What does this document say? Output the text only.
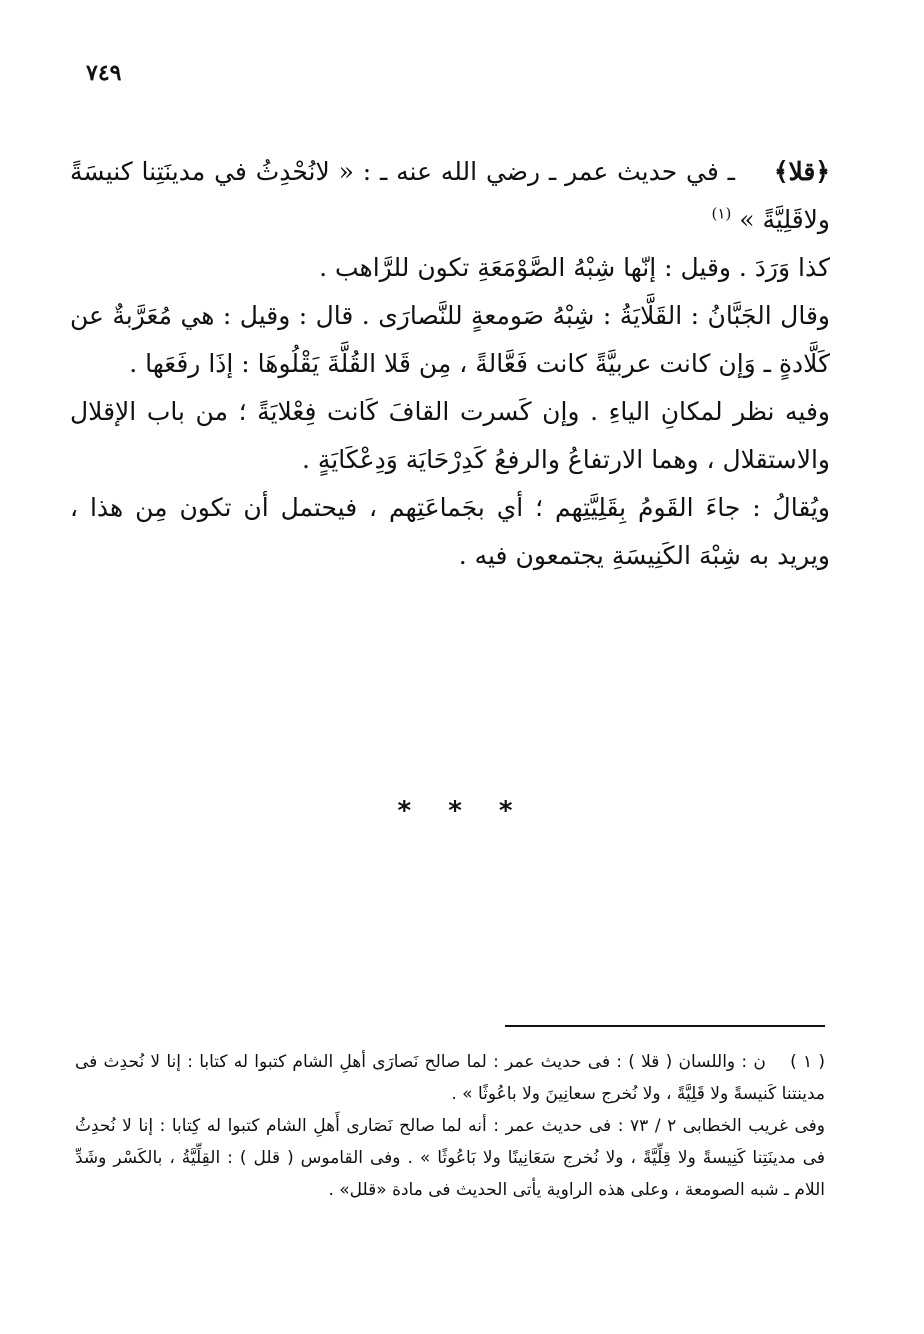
٧٤٩

﴿قلا﴾ ـ في حديث عمر ـ رضي الله عنه ـ : « لانُحْدِثُ في مدينَتِنا كنيسَةً ولاقَلِيَّةً » $^{(١)}$

كذا وَرَدَ . وقيل : إنّها شِبْهُ الصَّوْمَعَةِ تكون للرَّاهب .

وقال الجَبَّانُ : القَلَّايَةُ : شِبْهُ صَومعةٍ للنَّصارَى . قال : وقيل : هي مُعَرَّبةٌ عن كَلَّادةٍ ـ وَإن كانت عربيَّةً كانت فَعَّالةً ، مِن قَلا القُلَّةَ يَقْلُوهَا : إذَا رفَعَها .

وفيه نظر لمكانِ الياءِ . وإن كَسرت القافَ كَانت فِعْلايَةً ؛ من باب الإقلال والاستقلال ، وهما الارتفاعُ والرفعُ كَدِرْحَايَة وَدِعْكَايَةٍ .

ويُقالُ : جاءَ القَومُ بِقَلِيَّتِهم ؛ أي بجَماعَتِهم ، فيحتمل أن تكون مِن هذا ، ويريد به شِبْهَ الكَنِيسَةِ يجتمعون فيه .

* * *

( ١ ) ن : واللسان ( قلا ) : فى حديث عمر : لما صالح نَصارَى أهلِ الشام كتبوا له كتابا : إنا لا نُحدِث فى مدينتنا كَنيسةً ولا قَلِيَّةً ، ولا نُخرج سعانِينَ ولا باعُوثًا » .

وفى غريب الخطابى ٢ / ٧٣ : فى حديث عمر : أنه لما صالح نَصَارى أَهلِ الشام كتبوا له كِتابا : إنا لا نُحدِثُ فى مدينَتِنا كَنِيسةً ولا قِلِّيَّةً ، ولا نُخرج سَعَانِينًا ولا بَاعُوثًا » . وفى القاموس ( قلل ) : القِلِّيَّةُ ، بالكَسْر وشَدِّ اللام ـ شبه الصومعة ، وعلى هذه الراوية يأتى الحديث فى مادة «قلل» .
